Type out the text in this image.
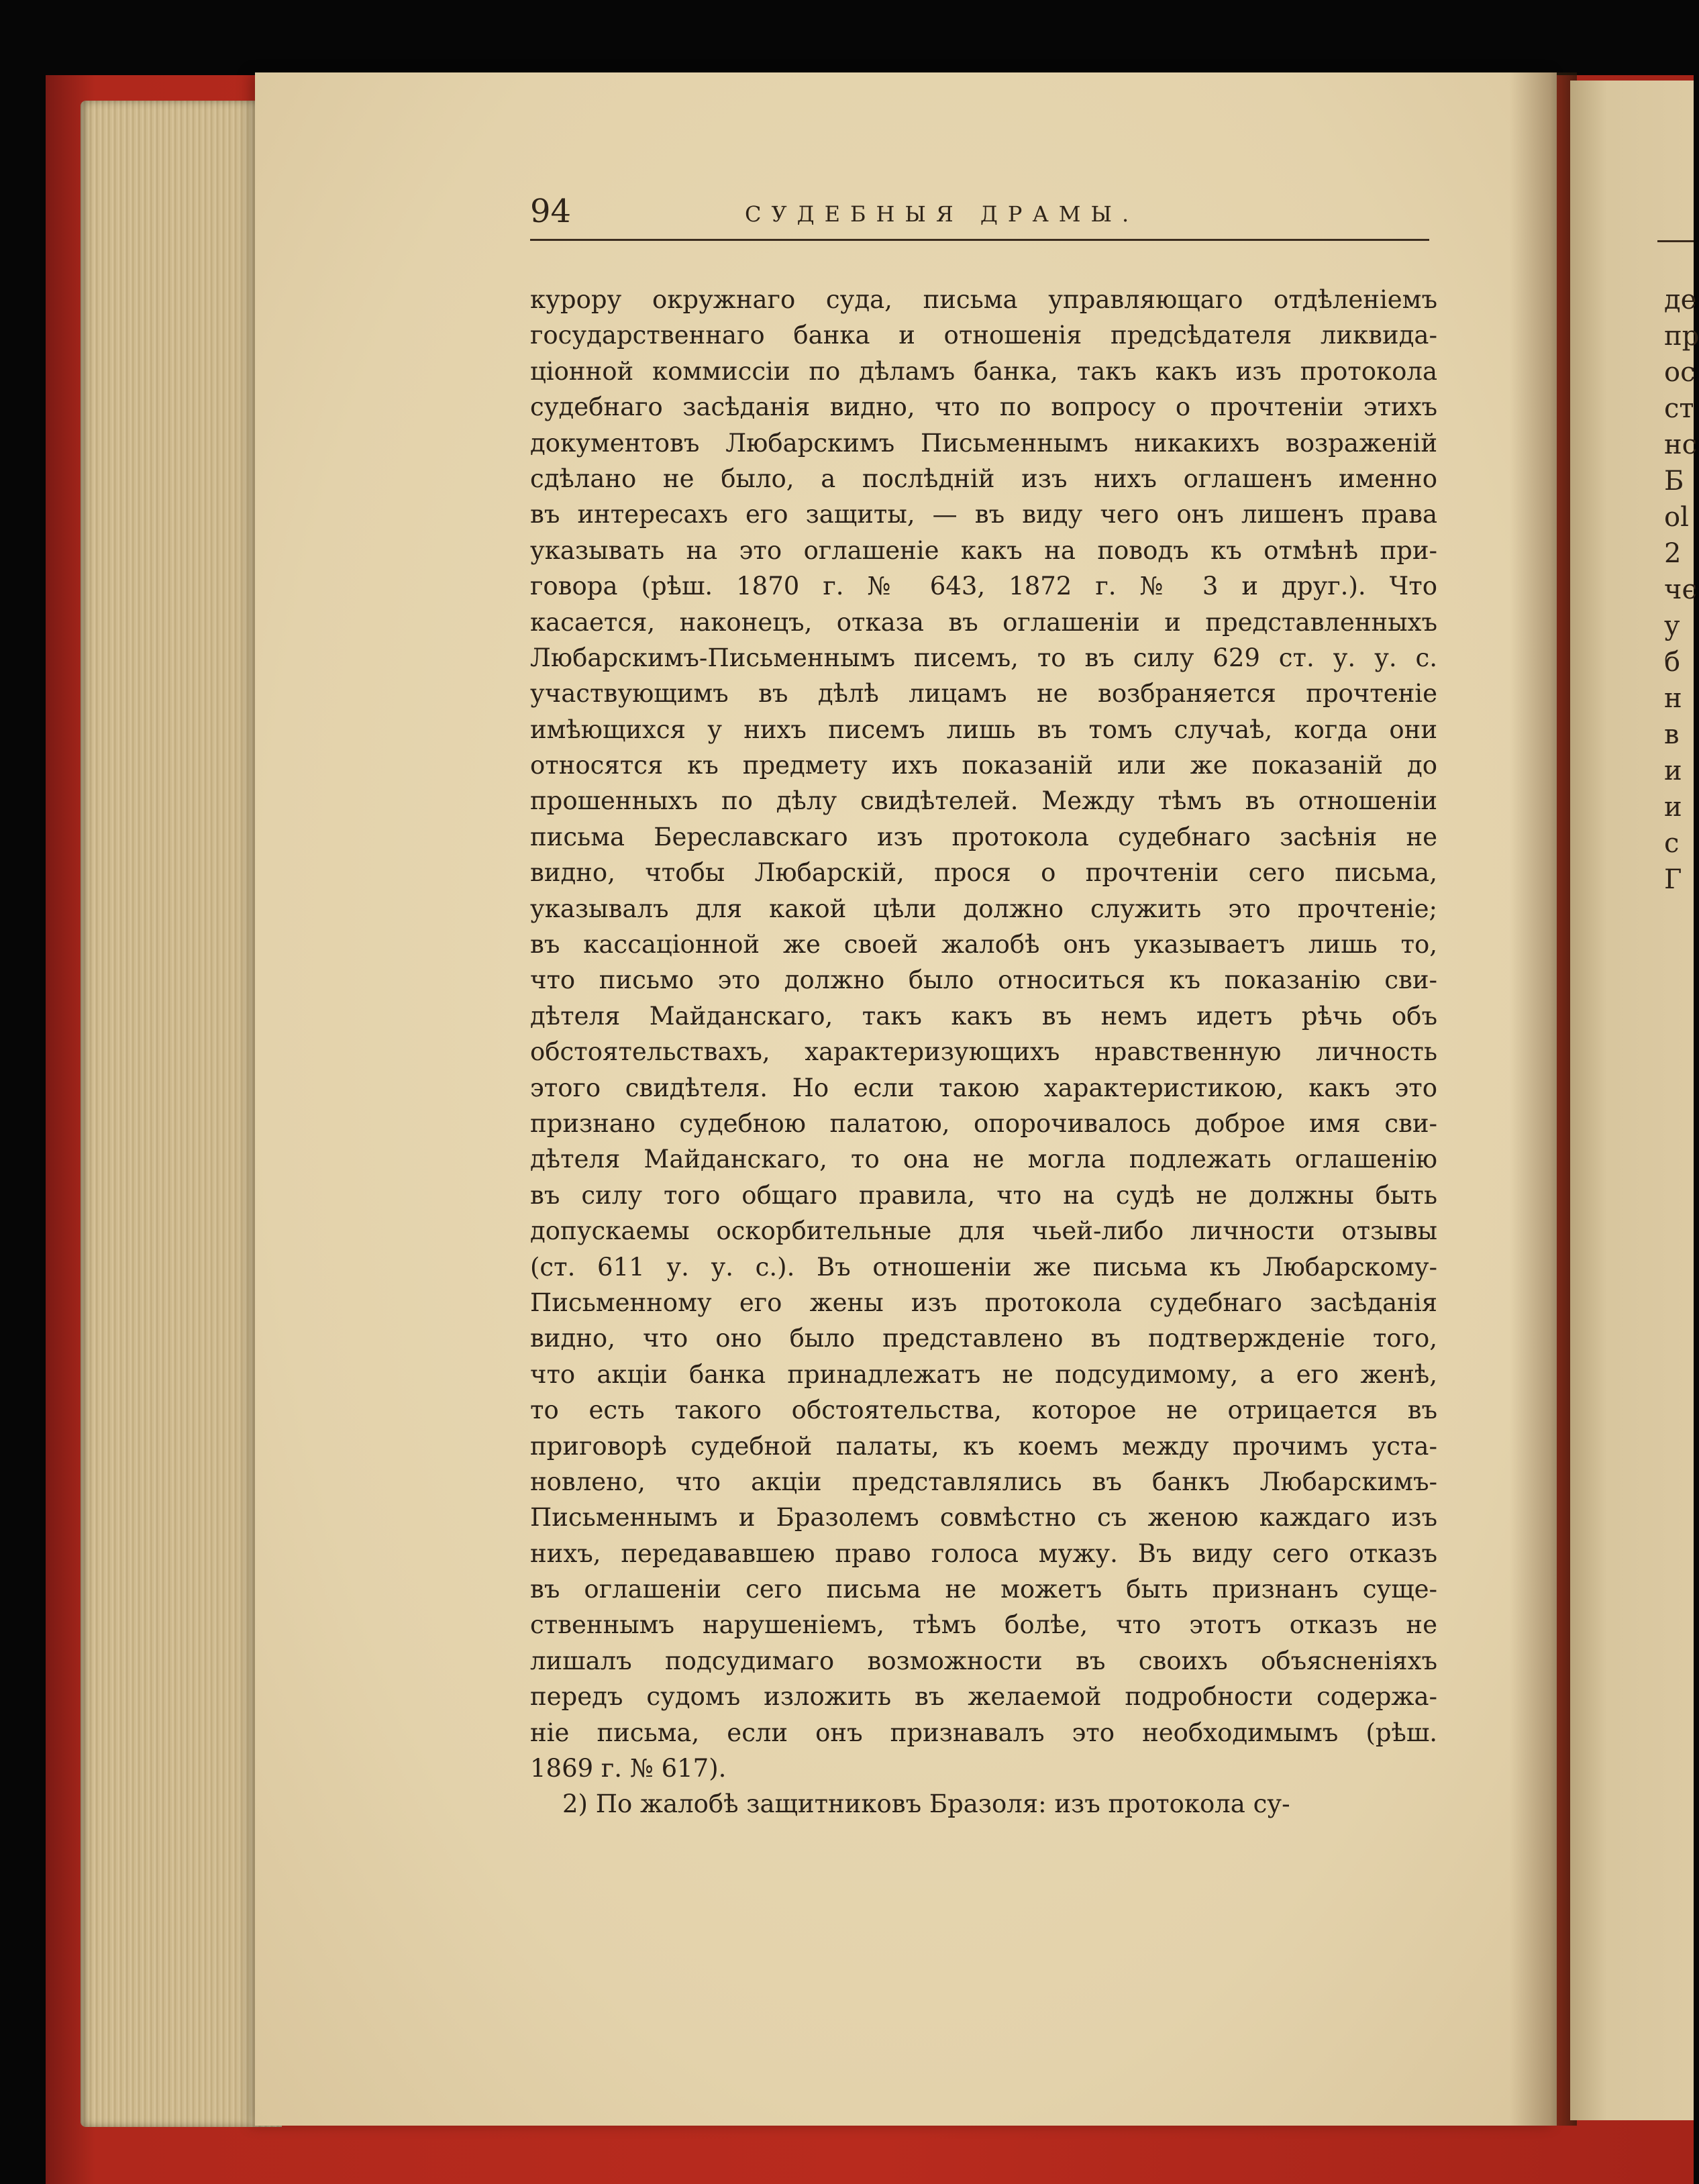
де
пр
ос
ст
нс
Б
ol
2
чє
у
б
н
в
и
и
с
Г
94	СУДЕБНЫЯ ДРАМЫ.
курору окружнаго суда, письма управляющаго отдѣленіемъ
государственнаго банка и отношенія предсѣдателя ликвида-
ціонной коммиссіи по дѣламъ банка, такъ какъ изъ протокола
судебнаго засѣданія видно, что по вопросу о прочтеніи этихъ
документовъ Любарскимъ Письменнымъ никакихъ возраженій
сдѣлано не было, а послѣдній изъ нихъ оглашенъ именно
въ интересахъ его защиты, — въ виду чего онъ лишенъ права
указывать на это оглашеніе какъ на поводъ къ отмѣнѣ при-
говора (рѣш. 1870 г. № 643, 1872 г. № 3 и друг.). Что
касается, наконецъ, отказа въ оглашеніи и представленныхъ
Любарскимъ-Письменнымъ писемъ, то въ силу 629 ст. у. у. с.
участвующимъ въ дѣлѣ лицамъ не возбраняется прочтеніе
имѣющихся у нихъ писемъ лишь въ томъ случаѣ, когда они
относятся къ предмету ихъ показаній или же показаній до
прошенныхъ по дѣлу свидѣтелей. Между тѣмъ въ отношеніи
письма Береславскаго изъ протокола судебнаго засѣнія не
видно, чтобы Любарскій, прося о прочтеніи сего письма,
указывалъ для какой цѣли должно служить это прочтеніе;
въ кассаціонной же своей жалобѣ онъ указываетъ лишь то,
что письмо это должно было относиться къ показанію сви-
дѣтеля Майданскаго, такъ какъ въ немъ идетъ рѣчь объ
обстоятельствахъ, характеризующихъ нравственную личность
этого свидѣтеля. Но если такою характеристикою, какъ это
признано судебною палатою, опорочивалось доброе имя сви-
дѣтеля Майданскаго, то она не могла подлежать оглашенію
въ силу того общаго правила, что на судѣ не должны быть
допускаемы оскорбительные для чьей-либо личности отзывы
(ст. 611 у. у. с.). Въ отношеніи же письма къ Любарскому-
Письменному его жены изъ протокола судебнаго засѣданія
видно, что оно было представлено въ подтвержденіе того,
что акціи банка принадлежатъ не подсудимому, а его женѣ,
то есть такого обстоятельства, которое не отрицается въ
приговорѣ судебной палаты, къ коемъ между прочимъ уста-
новлено, что акціи представлялись въ банкъ Любарскимъ-
Письменнымъ и Бразолемъ совмѣстно съ женою каждаго изъ
нихъ, передававшею право голоса мужу. Въ виду сего отказъ
въ оглашеніи сего письма не можетъ быть признанъ суще-
ственнымъ нарушеніемъ, тѣмъ болѣе, что этотъ отказъ не
лишалъ подсудимаго возможности въ своихъ объясненіяхъ
передъ судомъ изложить въ желаемой подробности содержа-
ніе письма, если онъ признавалъ это необходимымъ (рѣш.
1869 г. № 617).
2) По жалобѣ защитниковъ Бразоля: изъ протокола су-
